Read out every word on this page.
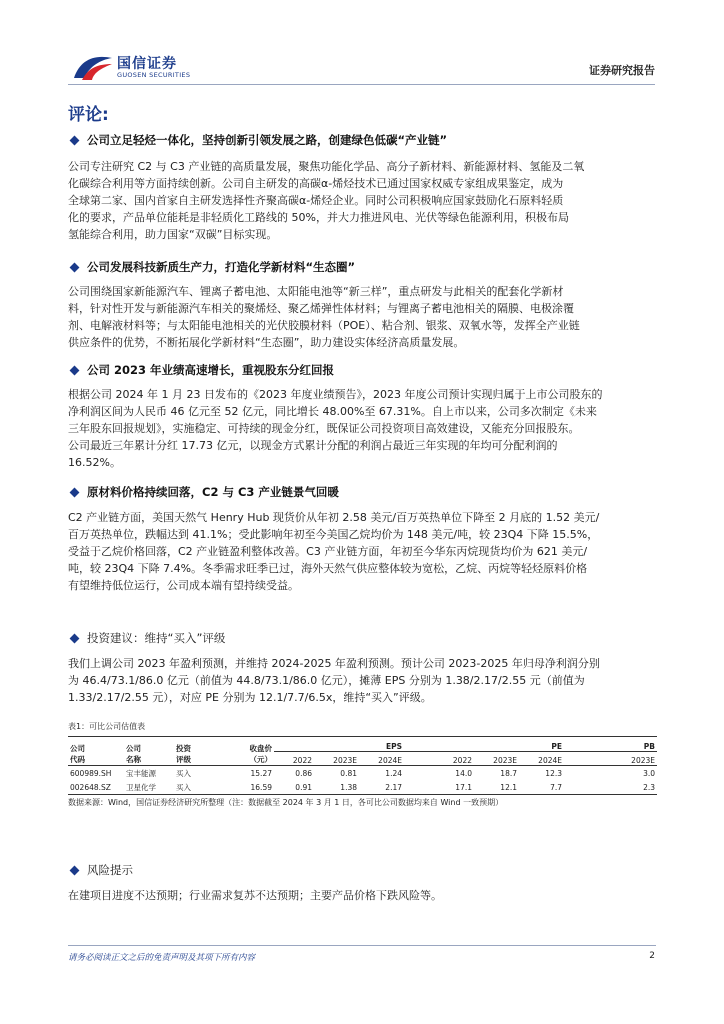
国信证券
GUOSEN SECURITIES	证券研究报告
评论:
公司立足轻烃一体化，坚持创新引领发展之路，创建绿色低碳“产业链”

公司专注研究 C2 与 C3 产业链的高质量发展，聚焦功能化学品、高分子新材料、新能源材料、氢能及二氧

化碳综合利用等方面持续创新。公司自主研发的高碳α-烯烃技术已通过国家权威专家组成果鉴定，成为

全球第二家、国内首家自主研发选择性齐聚高碳α-烯烃企业。同时公司积极响应国家鼓励化石原料轻质

化的要求，产品单位能耗是非轻质化工路线的 50%，并大力推进风电、光伏等绿色能源利用，积极布局

氢能综合利用，助力国家“双碳”目标实现。

公司发展科技新质生产力，打造化学新材料“生态圈”

公司围绕国家新能源汽车、锂离子蓄电池、太阳能电池等“新三样”，重点研发与此相关的配套化学新材

料，针对性开发与新能源汽车相关的聚烯烃、聚乙烯弹性体材料；与锂离子蓄电池相关的隔膜、电极涂覆

剂、电解液材料等；与太阳能电池相关的光伏胶膜材料（POE）、粘合剂、银浆、双氧水等，发挥全产业链

供应条件的优势，不断拓展化学新材料“生态圈”，助力建设实体经济高质量发展。

公司 2023 年业绩高速增长，重视股东分红回报

根据公司 2024 年 1 月 23 日发布的《2023 年度业绩预告》，2023 年度公司预计实现归属于上市公司股东的

净利润区间为人民币 46 亿元至 52 亿元，同比增长 48.00%至 67.31%。自上市以来，公司多次制定《未来

三年股东回报规划》，实施稳定、可持续的现金分红，既保证公司投资项目高效建设，又能充分回报股东。

公司最近三年累计分红 17.73 亿元，以现金方式累计分配的利润占最近三年实现的年均可分配利润的

16.52%。

原材料价格持续回落，C2 与 C3 产业链景气回暖

C2 产业链方面，美国天然气 Henry Hub 现货价从年初 2.58 美元/百万英热单位下降至 2 月底的 1.52 美元/

百万英热单位，跌幅达到 41.1%；受此影响年初至今美国乙烷均价为 148 美元/吨，较 23Q4 下降 15.5%，

受益于乙烷价格回落，C2 产业链盈利整体改善。C3 产业链方面，年初至今华东丙烷现货均价为 621 美元/

吨，较 23Q4 下降 7.4%。冬季需求旺季已过，海外天然气供应整体较为宽松，乙烷、丙烷等轻烃原料价格

有望维持低位运行，公司成本端有望持续受益。

投资建议：维持“买入”评级

我们上调公司 2023 年盈利预测，并维持 2024-2025 年盈利预测。预计公司 2023-2025 年归母净利润分别

为 46.4/73.1/86.0 亿元（前值为 44.8/73.1/86.0 亿元），摊薄 EPS 分别为 1.38/2.17/2.55 元（前值为

1.33/2.17/2.55 元），对应 PE 分别为 12.1/7.7/6.5x，维持“买入”评级。

表1：可比公司估值表
公司
代码	公司
名称	投资
评级	收盘价
（元）	EPS			PE			PB
				2022	2023E	2024E	2022	2023E	2024E	2023E
600989.SH	宝丰能源	买入	15.27	0.86	0.81	1.24	14.0	18.7	12.3	3.0
002648.SZ	卫星化学	买入	16.59	0.91	1.38	2.17	17.1	12.1	7.7	2.3
数据来源：Wind，国信证券经济研究所整理（注：数据截至 2024 年 3 月 1 日，各可比公司数据均来自 Wind 一致预期）
风险提示

在建项目进度不达预期；行业需求复苏不达预期；主要产品价格下跌风险等。

请务必阅读正文之后的免责声明及其项下所有内容	2
